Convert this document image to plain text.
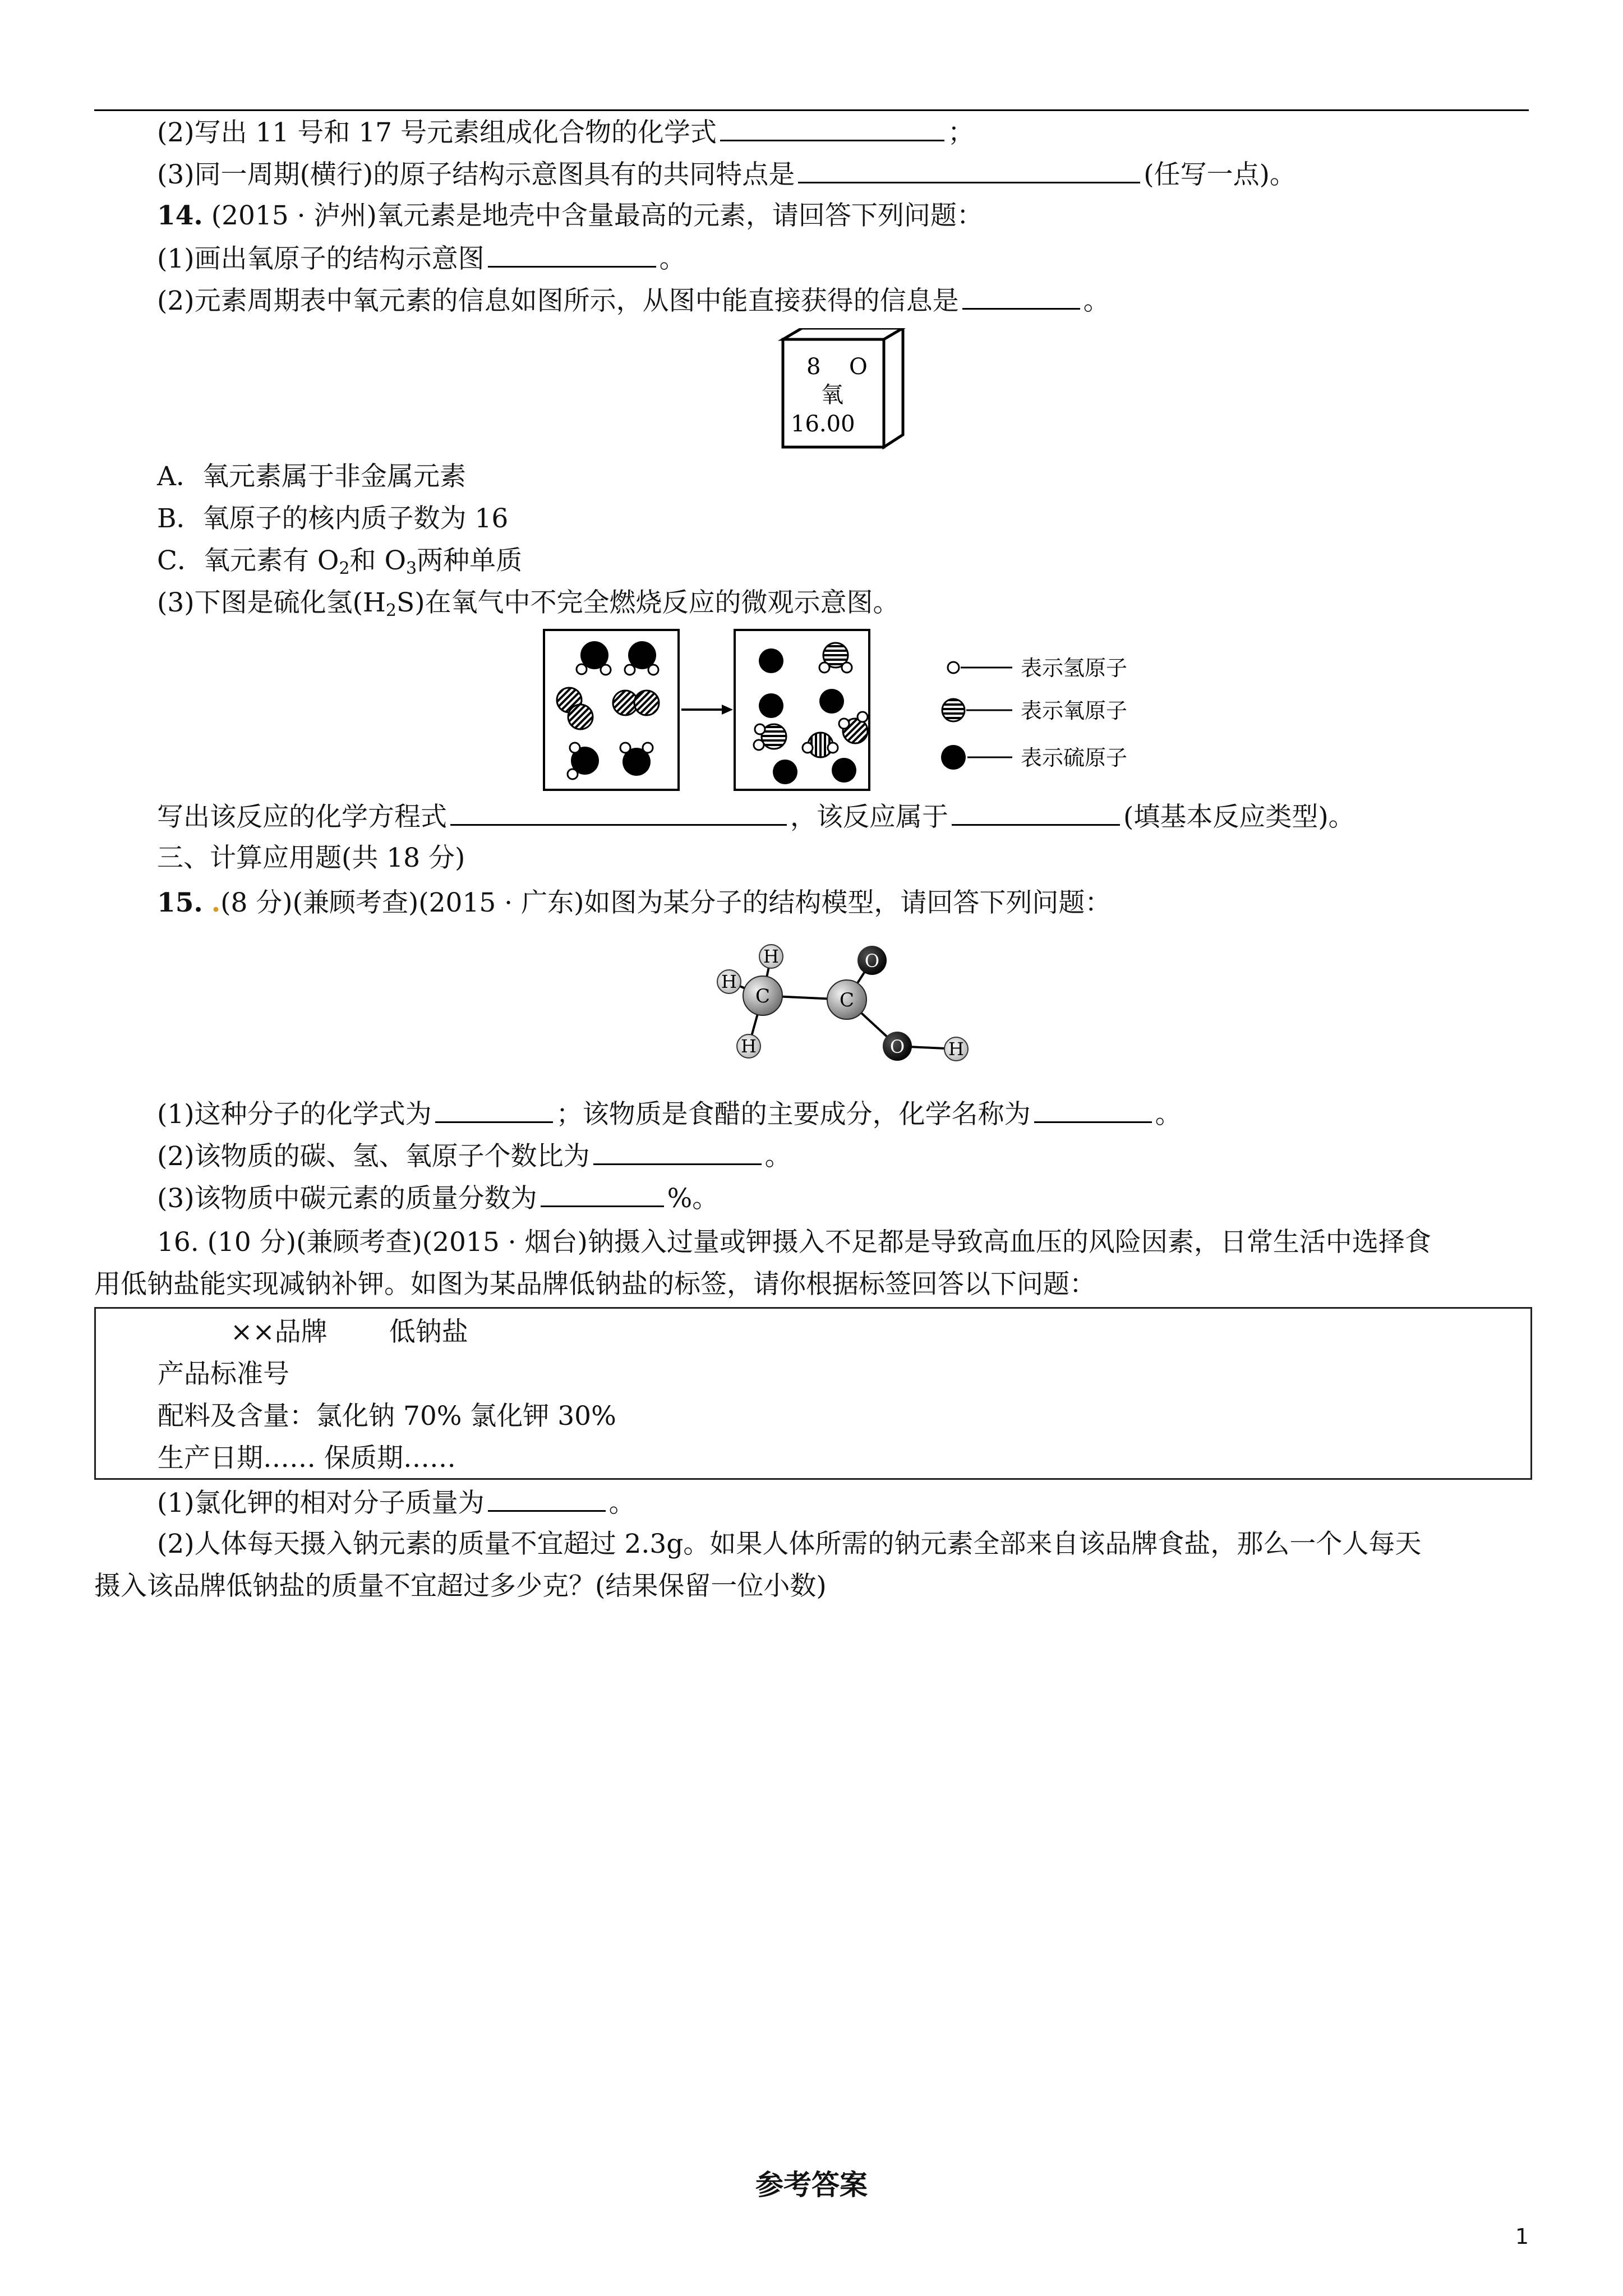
(2)写出 11 号和 17 号元素组成化合物的化学式	；
(3)同一周期(横行)的原子结构示意图具有的共同特点是	(任写一点)。
14. (2015 · 泸州)氧元素是地壳中含量最高的元素，请回答下列问题：
(1)画出氧原子的结构示意图	。
(2)元素周期表中氧元素的信息如图所示，从图中能直接获得的信息是	。
8 O
氧
16.00
A．氧元素属于非金属元素
B．氧原子的核内质子数为 16
C．氧元素有 $O_2$和 $O_3$两种单质
(3)下图是硫化氢$(H_2S)$在氧气中不完全燃烧反应的微观示意图。
表示氢原子
表示氧原子
表示硫原子
写出该反应的化学方程式	，该反应属于	(填基本反应类型)。
三、计算应用题(共 18 分)
15. .(8 分)(兼顾考查)(2015 · 广东)如图为某分子的结构模型，请回答下列问题：
H
H
H
C	C
O
O H
(1)这种分子的化学式为	；该物质是食醋的主要成分，化学名称为	。
(2)该物质的碳、氢、氧原子个数比为	。
(3)该物质中碳元素的质量分数为	%。
16. (10 分)(兼顾考查)(2015 · 烟台)钠摄入过量或钾摄入不足都是导致高血压的风险因素，日常生活中选择食
用低钠盐能实现减钠补钾。如图为某品牌低钠盐的标签，请你根据标签回答以下问题：
××品牌 低钠盐
产品标准号
配料及含量：氯化钠 70% 氯化钾 30%
生产日期…… 保质期……
(1)氯化钾的相对分子质量为	。
(2)人体每天摄入钠元素的质量不宜超过 2.3g。如果人体所需的钠元素全部来自该品牌食盐，那么一个人每天
摄入该品牌低钠盐的质量不宜超过多少克？(结果保留一位小数)
参考答案
1
